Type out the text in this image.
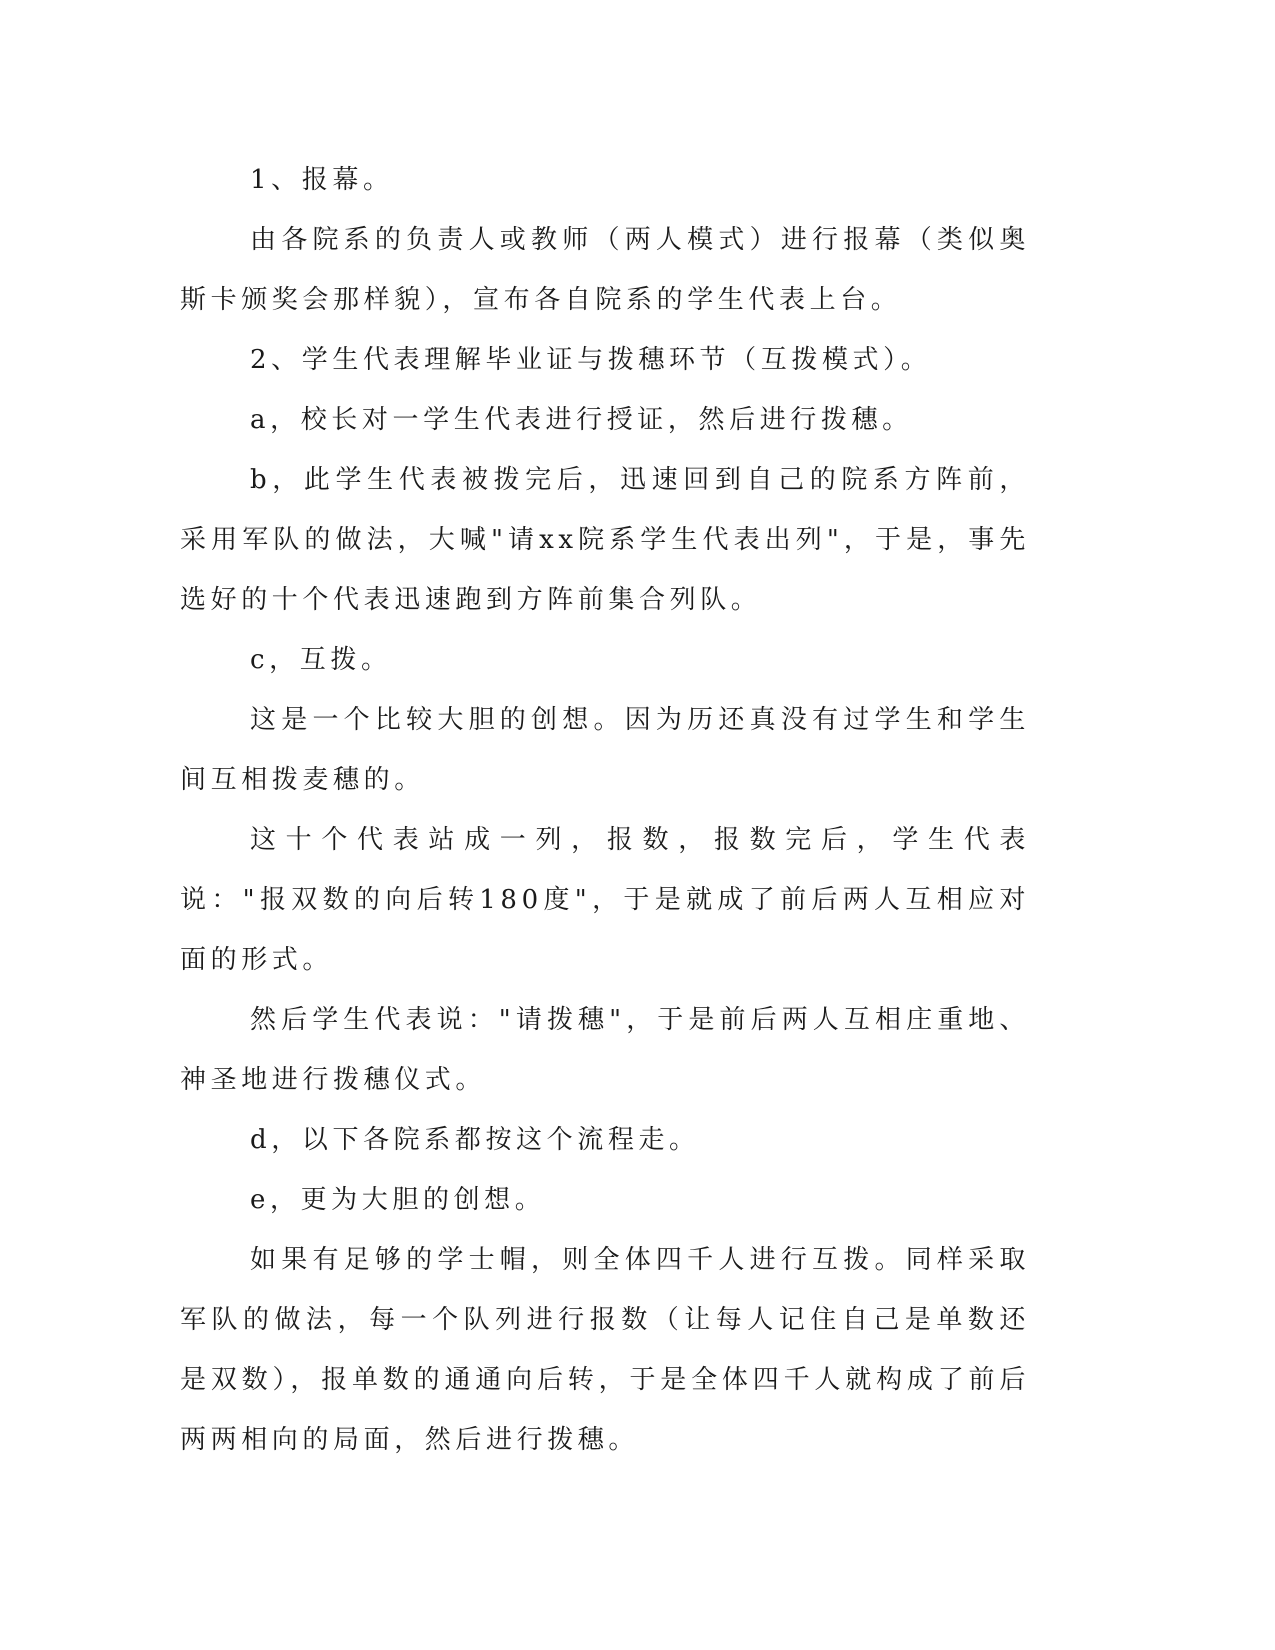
1、报幕。

由各院系的负责人或教师（两人模式）进行报幕（类似奥斯卡颁奖会那样貌），宣布各自院系的学生代表上台。

2、学生代表理解毕业证与拨穗环节（互拨模式）。

a，校长对一学生代表进行授证，然后进行拨穗。

b，此学生代表被拨完后，迅速回到自己的院系方阵前，采用军队的做法，大喊"请xx院系学生代表出列"，于是，事先选好的十个代表迅速跑到方阵前集合列队。

c，互拨。

这是一个比较大胆的创想。因为历还真没有过学生和学生间互相拨麦穗的。

这十个代表站成一列，报数，报数完后，学生代表说："报双数的向后转180度"，于是就成了前后两人互相应对面的形式。

然后学生代表说："请拨穗"，于是前后两人互相庄重地、神圣地进行拨穗仪式。

d，以下各院系都按这个流程走。

e，更为大胆的创想。

如果有足够的学士帽，则全体四千人进行互拨。同样采取军队的做法，每一个队列进行报数（让每人记住自己是单数还是双数），报单数的通通向后转，于是全体四千人就构成了前后两两相向的局面，然后进行拨穗。
